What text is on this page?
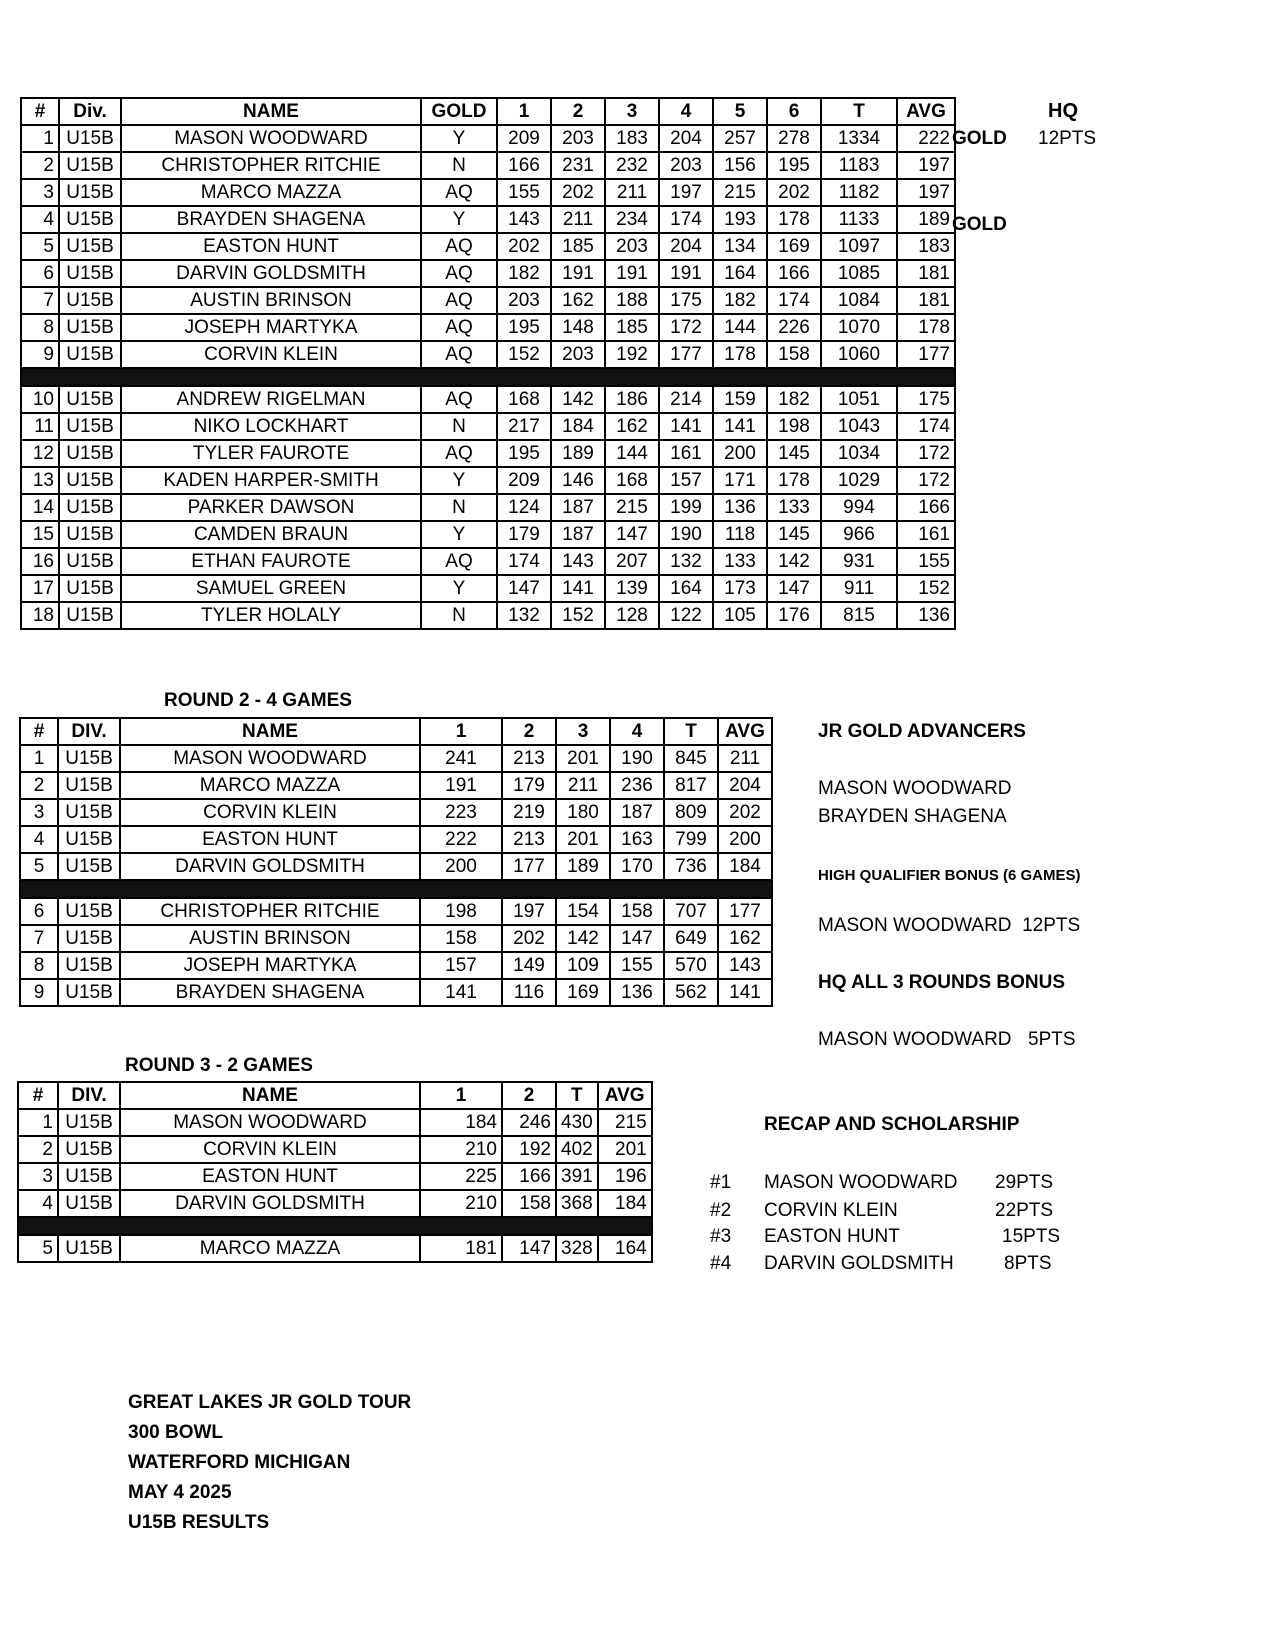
#	Div.	NAME	GOLD	1	2	3	4	5	6	T	AVG
1	U15B	MASON WOODWARD	Y	209	203	183	204	257	278	1334	222
2	U15B	CHRISTOPHER RITCHIE	N	166	231	232	203	156	195	1183	197
3	U15B	MARCO MAZZA	AQ	155	202	211	197	215	202	1182	197
4	U15B	BRAYDEN SHAGENA	Y	143	211	234	174	193	178	1133	189
5	U15B	EASTON HUNT	AQ	202	185	203	204	134	169	1097	183
6	U15B	DARVIN GOLDSMITH	AQ	182	191	191	191	164	166	1085	181
7	U15B	AUSTIN BRINSON	AQ	203	162	188	175	182	174	1084	181
8	U15B	JOSEPH MARTYKA	AQ	195	148	185	172	144	226	1070	178
9	U15B	CORVIN KLEIN	AQ	152	203	192	177	178	158	1060	177

10	U15B	ANDREW RIGELMAN	AQ	168	142	186	214	159	182	1051	175
11	U15B	NIKO LOCKHART	N	217	184	162	141	141	198	1043	174
12	U15B	TYLER FAUROTE	AQ	195	189	144	161	200	145	1034	172
13	U15B	KADEN HARPER-SMITH	Y	209	146	168	157	171	178	1029	172
14	U15B	PARKER DAWSON	N	124	187	215	199	136	133	994	166
15	U15B	CAMDEN BRAUN	Y	179	187	147	190	118	145	966	161
16	U15B	ETHAN FAUROTE	AQ	174	143	207	132	133	142	931	155
17	U15B	SAMUEL GREEN	Y	147	141	139	164	173	147	911	152
18	U15B	TYLER HOLALY	N	132	152	128	122	105	176	815	136
HQ
12PTS
GOLD
GOLD
ROUND 2 - 4 GAMES
#	DIV.	NAME	1	2	3	4	T	AVG
1	U15B	MASON WOODWARD	241	213	201	190	845	211
2	U15B	MARCO MAZZA	191	179	211	236	817	204
3	U15B	CORVIN KLEIN	223	219	180	187	809	202
4	U15B	EASTON HUNT	222	213	201	163	799	200
5	U15B	DARVIN GOLDSMITH	200	177	189	170	736	184

6	U15B	CHRISTOPHER RITCHIE	198	197	154	158	707	177
7	U15B	AUSTIN BRINSON	158	202	142	147	649	162
8	U15B	JOSEPH MARTYKA	157	149	109	155	570	143
9	U15B	BRAYDEN SHAGENA	141	116	169	136	562	141
ROUND 3 - 2 GAMES
#	DIV.	NAME	1	2	T	AVG
1	U15B	MASON WOODWARD	184	246	430	215
2	U15B	CORVIN KLEIN	210	192	402	201
3	U15B	EASTON HUNT	225	166	391	196
4	U15B	DARVIN GOLDSMITH	210	158	368	184

5	U15B	MARCO MAZZA	181	147	328	164
JR GOLD ADVANCERS
MASON WOODWARD
BRAYDEN SHAGENA
HIGH QUALIFIER BONUS (6 GAMES)
MASON WOODWARD  12PTS
HQ ALL 3 ROUNDS BONUS
MASON WOODWARD 5PTS
RECAP AND SCHOLARSHIP
#1 MASON WOODWARD 29PTS
#2 CORVIN KLEIN	22PTS
#3 EASTON HUNT	15PTS
#4 DARVIN GOLDSMITH	8PTS
GREAT LAKES JR GOLD TOUR
300 BOWL
WATERFORD MICHIGAN
MAY 4 2025
U15B RESULTS
